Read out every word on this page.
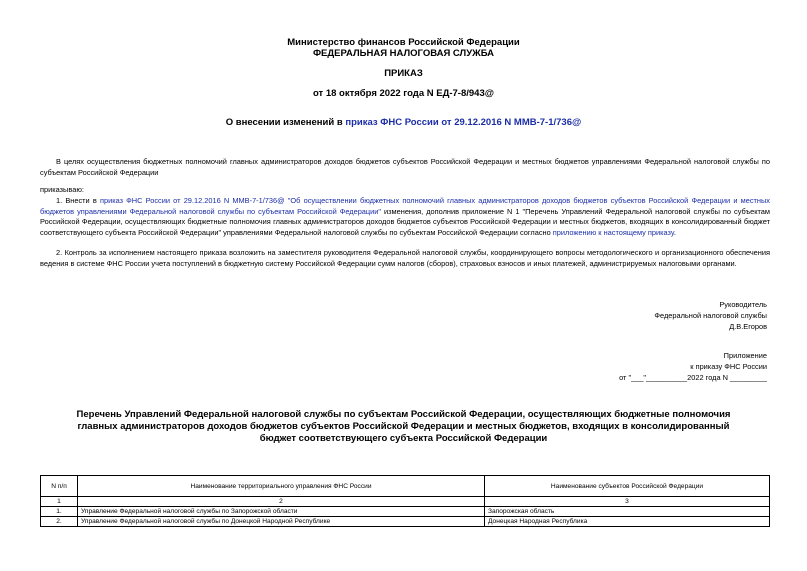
Министерство финансов Российской Федерации
ФЕДЕРАЛЬНАЯ НАЛОГОВАЯ СЛУЖБА
ПРИКАЗ
от 18 октября 2022 года N ЕД-7-8/943@
О внесении изменений в приказ ФНС России от 29.12.2016 N ММВ-7-1/736@
В целях осуществления бюджетных полномочий главных администраторов доходов бюджетов субъектов Российской Федерации и местных бюджетов управлениями Федеральной налоговой службы по субъектам Российской Федерации
приказываю:
1. Внести в приказ ФНС России от 29.12.2016 N ММВ-7-1/736@ "Об осуществлении бюджетных полномочий главных администраторов доходов бюджетов субъектов Российской Федерации и местных бюджетов управлениями Федеральной налоговой службы по субъектам Российской Федерации" изменения, дополнив приложение N 1 "Перечень Управлений Федеральной налоговой службы по субъектам Российской Федерации, осуществляющих бюджетные полномочия главных администраторов доходов бюджетов субъектов Российской Федерации и местных бюджетов, входящих в консолидированный бюджет соответствующего субъекта Российской Федерации" управлениями Федеральной налоговой службы по субъектам Российской Федерации согласно приложению к настоящему приказу.
2. Контроль за исполнением настоящего приказа возложить на заместителя руководителя Федеральной налоговой службы, координирующего вопросы методологического и организационного обеспечения ведения в системе ФНС России учета поступлений в бюджетную систему Российской Федерации сумм налогов (сборов), страховых взносов и иных платежей, администрируемых налоговыми органами.
Руководитель
Федеральной налоговой службы
Д.В.Егоров
Приложение
к приказу ФНС России
от "___"__________2022 года N _________
Перечень Управлений Федеральной налоговой службы по субъектам Российской Федерации, осуществляющих бюджетные полномочия главных администраторов доходов бюджетов субъектов Российской Федерации и местных бюджетов, входящих в консолидированный бюджет соответствующего субъекта Российской Федерации
N п/п	Наименование территориального управления ФНС России	Наименование субъектов Российской Федерации
1	2	3
1.	Управление Федеральной налоговой службы по Запорожской области	Запорожская область
2.	Управление Федеральной налоговой службы по Донецкой Народной Республике	Донецкая Народная Республика
